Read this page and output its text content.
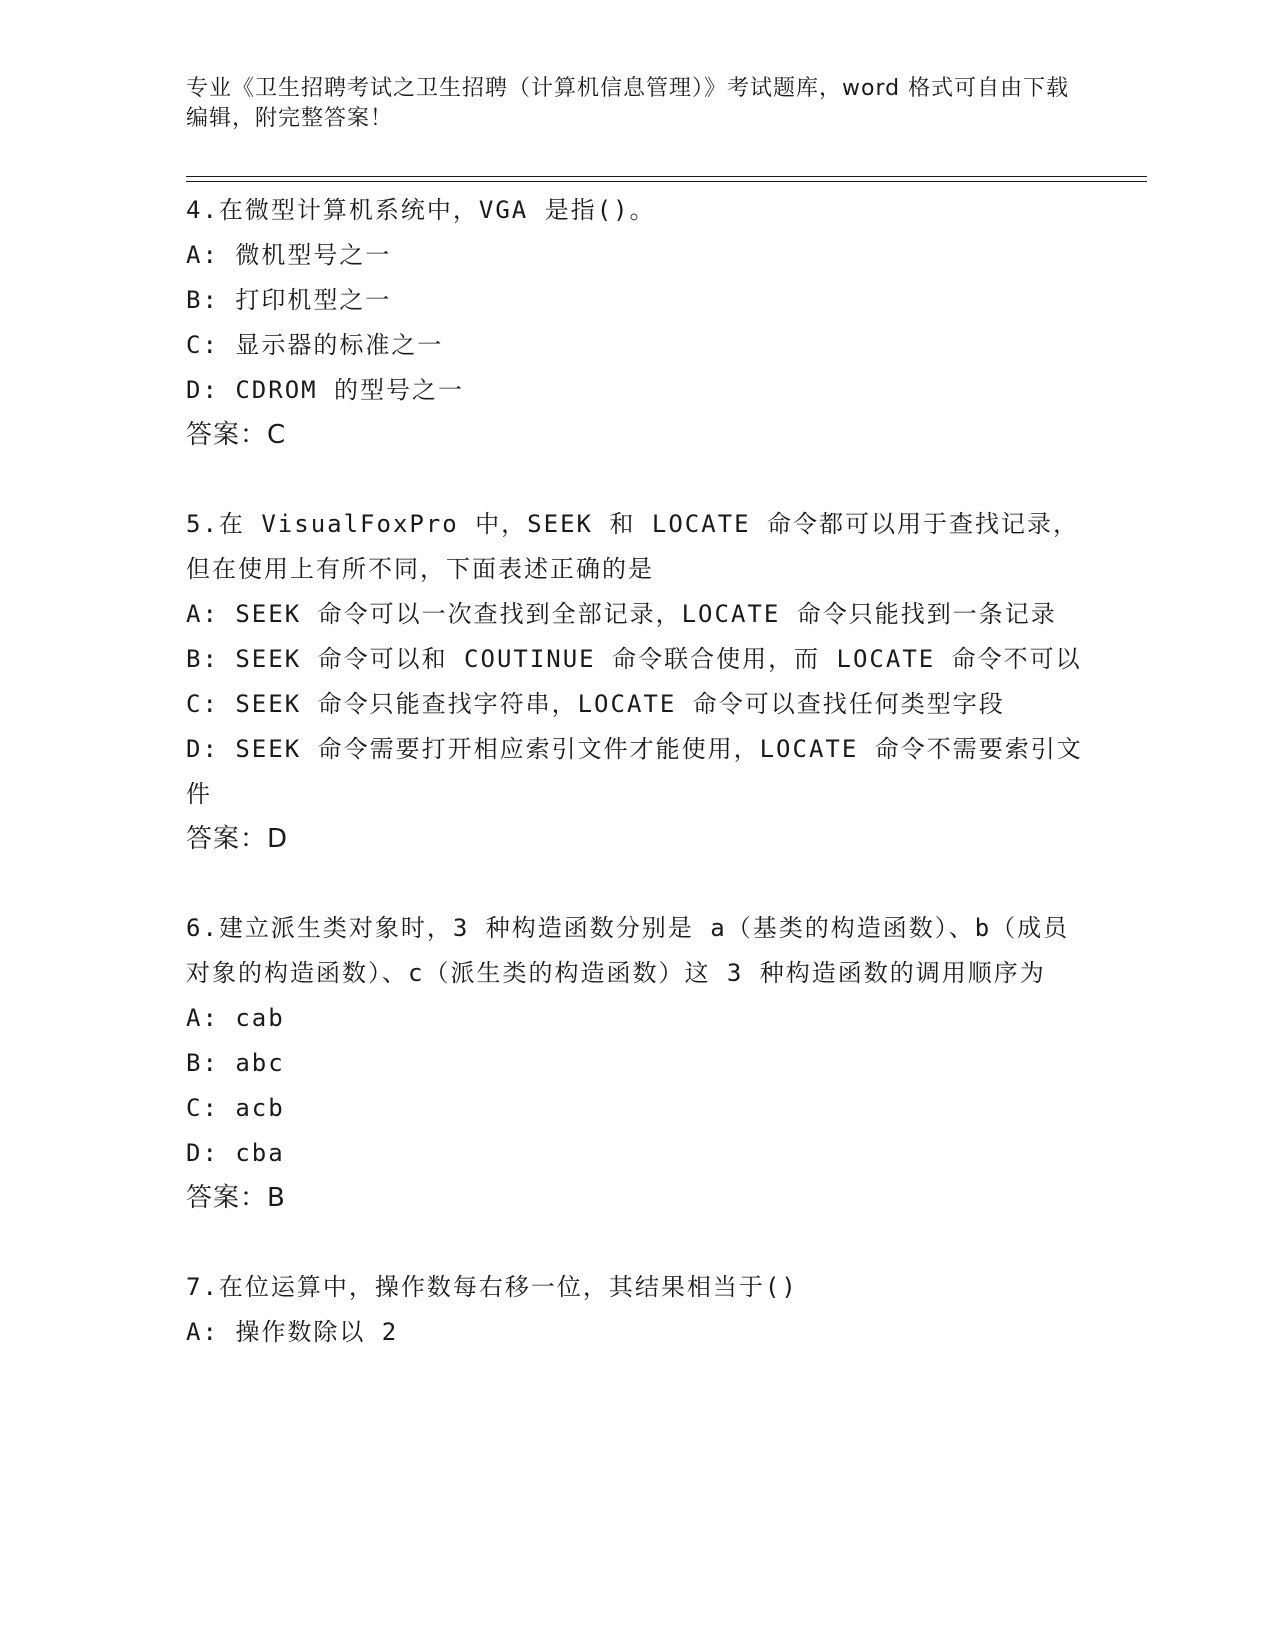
专业《卫生招聘考试之卫生招聘（计算机信息管理）》考试题库，word 格式可自由下载编辑，附完整答案！

4.在微型计算机系统中，VGA 是指()。

A: 微机型号之一

B: 打印机型之一

C: 显示器的标准之一

D: CDROM 的型号之一

答案：C

5.在 VisualFoxPro 中，SEEK 和 LOCATE 命令都可以用于查找记录，但在使用上有所不同，下面表述正确的是

A: SEEK 命令可以一次查找到全部记录，LOCATE 命令只能找到一条记录

B: SEEK 命令可以和 COUTINUE 命令联合使用，而 LOCATE 命令不可以

C: SEEK 命令只能查找字符串，LOCATE 命令可以查找任何类型字段

D: SEEK 命令需要打开相应索引文件才能使用，LOCATE 命令不需要索引文件

答案：D

6.建立派生类对象时，3 种构造函数分别是 a（基类的构造函数）、b（成员对象的构造函数）、c（派生类的构造函数）这 3 种构造函数的调用顺序为

A: cab

B: abc

C: acb

D: cba

答案：B

7.在位运算中，操作数每右移一位，其结果相当于()

A: 操作数除以 2
